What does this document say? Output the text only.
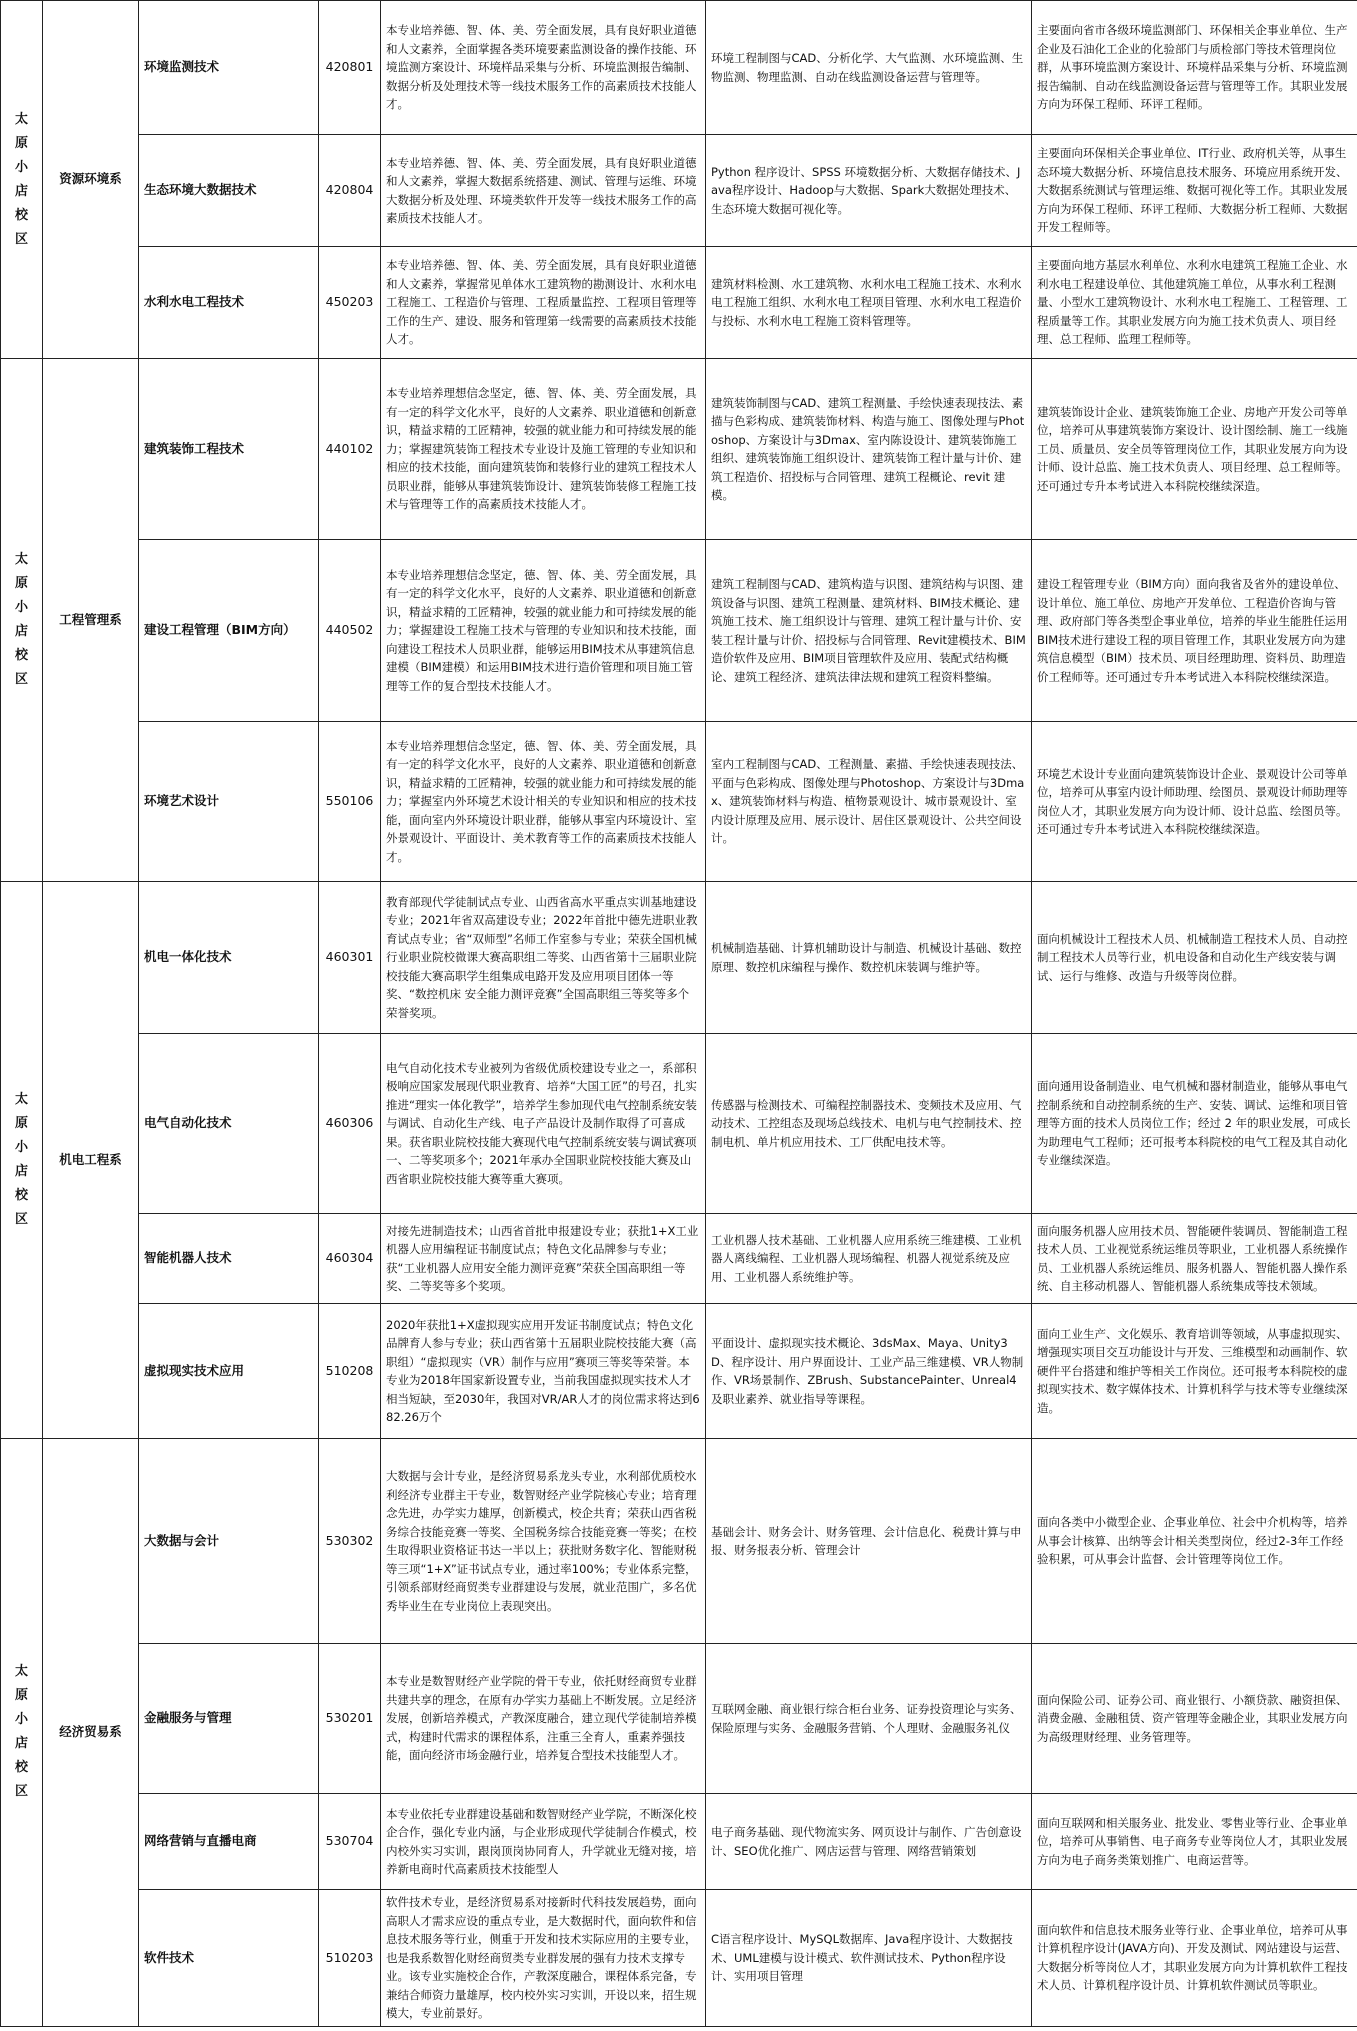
太原小店校区	资源环境系	环境监测技术	420801	本专业培养德、智、体、美、劳全面发展，具有良好职业道德和人文素养，全面掌握各类环境要素监测设备的操作技能、环境监测方案设计、环境样品采集与分析、环境监测报告编制、数据分析及处理技术等一线技术服务工作的高素质技术技能人才。	环境工程制图与CAD、分析化学、大气监测、水环境监测、生物监测、物理监测、自动在线监测设备运营与管理等。	主要面向省市各级环境监测部门、环保相关企事业单位、生产企业及石油化工企业的化验部门与质检部门等技术管理岗位群，从事环境监测方案设计、环境样品采集与分析、环境监测报告编制、自动在线监测设备运营与管理等工作。其职业发展方向为环保工程师、环评工程师。
		生态环境大数据技术	420804	本专业培养德、智、体、美、劳全面发展，具有良好职业道德和人文素养，掌握大数据系统搭建、测试、管理与运维、环境大数据分析及处理、环境类软件开发等一线技术服务工作的高素质技术技能人才。	Python 程序设计、SPSS 环境数据分析、大数据存储技术、Java程序设计、Hadoop与大数据、Spark大数据处理技术、生态环境大数据可视化等。	主要面向环保相关企事业单位、IT行业、政府机关等，从事生态环境大数据分析、环境信息技术服务、环境应用系统开发、大数据系统测试与管理运维、数据可视化等工作。其职业发展方向为环保工程师、环评工程师、大数据分析工程师、大数据开发工程师等。
		水利水电工程技术	450203	本专业培养德、智、体、美、劳全面发展，具有良好职业道德和人文素养，掌握常见单体水工建筑物的勘测设计、水利水电工程施工、工程造价与管理、工程质量监控、工程项目管理等工作的生产、建设、服务和管理第一线需要的高素质技术技能人才。	建筑材料检测、水工建筑物、水利水电工程施工技术、水利水电工程施工组织、水利水电工程项目管理、水利水电工程造价与投标、水利水电工程施工资料管理等。	主要面向地方基层水利单位、水利水电建筑工程施工企业、水利水电工程建设单位、其他建筑施工单位，从事水利工程测量、小型水工建筑物设计、水利水电工程施工、工程管理、工程质量等工作。其职业发展方向为施工技术负责人、项目经理、总工程师、监理工程师等。

太原小店校区	工程管理系	建筑装饰工程技术	440102	本专业培养理想信念坚定，德、智、体、美、劳全面发展，具有一定的科学文化水平，良好的人文素养、职业道德和创新意识，精益求精的工匠精神，较强的就业能力和可持续发展的能力；掌握建筑装饰工程技术专业设计及施工管理的专业知识和相应的技术技能，面向建筑装饰和装修行业的建筑工程技术人员职业群，能够从事建筑装饰设计、建筑装饰装修工程施工技术与管理等工作的高素质技术技能人才。	建筑装饰制图与CAD、建筑工程测量、手绘快速表现技法、素描与色彩构成、建筑装饰材料、构造与施工、图像处理与Photoshop、方案设计与3Dmax、室内陈设设计、建筑装饰施工组织、建筑装饰施工组织设计、建筑装饰工程计量与计价、建筑工程造价、招投标与合同管理、建筑工程概论、revit 建模。	建筑装饰设计企业、建筑装饰施工企业、房地产开发公司等单位，培养可从事建筑装饰方案设计、设计图绘制、施工一线施工员、质量员、安全员等管理岗位工作，其职业发展方向为设计师、设计总监、施工技术负责人、项目经理、总工程师等。还可通过专升本考试进入本科院校继续深造。
		建设工程管理（BIM方向）	440502	本专业培养理想信念坚定，德、智、体、美、劳全面发展，具有一定的科学文化水平，良好的人文素养、职业道德和创新意识，精益求精的工匠精神，较强的就业能力和可持续发展的能力；掌握建设工程施工技术与管理的专业知识和技术技能，面向建设工程技术人员职业群，能够运用BIM技术从事建筑信息建模（BIM建模）和运用BIM技术进行造价管理和项目施工管理等工作的复合型技术技能人才。	建筑工程制图与CAD、建筑构造与识图、建筑结构与识图、建筑设备与识图、建筑工程测量、建筑材料、BIM技术概论、建筑施工技术、施工组织设计与管理、建筑工程计量与计价、安装工程计量与计价、招投标与合同管理、Revit建模技术、BIM造价软件及应用、BIM项目管理软件及应用、装配式结构概论、建筑工程经济、建筑法律法规和建筑工程资料整编。	建设工程管理专业（BIM方向）面向我省及省外的建设单位、设计单位、施工单位、房地产开发单位、工程造价咨询与管理、政府部门等各类型企事业单位，培养的毕业生能胜任运用BIM技术进行建设工程的项目管理工作，其职业发展方向为建筑信息模型（BIM）技术员、项目经理助理、资料员、助理造价工程师等。还可通过专升本考试进入本科院校继续深造。
		环境艺术设计	550106	本专业培养理想信念坚定，德、智、体、美、劳全面发展，具有一定的科学文化水平，良好的人文素养、职业道德和创新意识，精益求精的工匠精神，较强的就业能力和可持续发展的能力；掌握室内外环境艺术设计相关的专业知识和相应的技术技能，面向室内外环境设计职业群，能够从事室内环境设计、室外景观设计、平面设计、美术教育等工作的高素质技术技能人才。	室内工程制图与CAD、工程测量、素描、手绘快速表现技法、平面与色彩构成、图像处理与Photoshop、方案设计与3Dmax、建筑装饰材料与构造、植物景观设计、城市景观设计、室内设计原理及应用、展示设计、居住区景观设计、公共空间设计。	环境艺术设计专业面向建筑装饰设计企业、景观设计公司等单位，培养可从事室内设计师助理、绘图员、景观设计师助理等岗位人才，其职业发展方向为设计师、设计总监、绘图员等。还可通过专升本考试进入本科院校继续深造。

太原小店校区	机电工程系	机电一体化技术	460301	教育部现代学徒制试点专业、山西省高水平重点实训基地建设专业；2021年省双高建设专业；2022年首批中德先进职业教育试点专业；省“双师型”名师工作室参与专业；荣获全国机械行业职业院校微课大赛高职组二等奖、山西省第十三届职业院校技能大赛高职学生组集成电路开发及应用项目团体一等奖、“数控机床 安全能力测评竞赛”全国高职组三等奖等多个荣誉奖项。	机械制造基础、计算机辅助设计与制造、机械设计基础、数控原理、数控机床编程与操作、数控机床装调与维护等。	面向机械设计工程技术人员、机械制造工程技术人员、自动控制工程技术人员等行业，机电设备和自动化生产线安装与调试、运行与维修、改造与升级等岗位群。
		电气自动化技术	460306	电气自动化技术专业被列为省级优质校建设专业之一，系部积极响应国家发展现代职业教育、培养“大国工匠”的号召，扎实推进“理实一体化教学”，培养学生参加现代电气控制系统安装与调试、自动化生产线、电子产品设计及制作取得了可喜成果。获省职业院校技能大赛现代电气控制系统安装与调试赛项一、二等奖项多个；2021年承办全国职业院校技能大赛及山西省职业院校技能大赛等重大赛项。	传感器与检测技术、可编程控制器技术、变频技术及应用、气动技术、工控组态及现场总线技术、电机与电气控制技术、控制电机、单片机应用技术、工厂供配电技术等。	面向通用设备制造业、电气机械和器材制造业，能够从事电气控制系统和自动控制系统的生产、安装、调试、运维和项目管理等方面的技术人员岗位工作；经过 2 年的职业发展，可成长为助理电气工程师；还可报考本科院校的电气工程及其自动化专业继续深造。
		智能机器人技术	460304	对接先进制造技术；山西省首批申报建设专业；获批1+X工业机器人应用编程证书制度试点；特色文化品牌参与专业；获“工业机器人应用安全能力测评竞赛”荣获全国高职组一等奖、二等奖等多个奖项。	工业机器人技术基础、工业机器人应用系统三维建模、工业机器人离线编程、工业机器人现场编程、机器人视觉系统及应用、工业机器人系统维护等。	面向服务机器人应用技术员、智能硬件装调员、智能制造工程技术人员、工业视觉系统运维员等职业，工业机器人系统操作员、工业机器人系统运维员、服务机器人、智能机器人操作系统、自主移动机器人、智能机器人系统集成等技术领域。
		虚拟现实技术应用	510208	2020年获批1+X虚拟现实应用开发证书制度试点；特色文化品牌育人参与专业；获山西省第十五届职业院校技能大赛（高职组）“虚拟现实（VR）制作与应用”赛项三等奖等荣誉。本专业为2018年国家新设置专业，当前我国虚拟现实技术人才相当短缺，至2030年，我国对VR/AR人才的岗位需求将达到682.26万个	平面设计、虚拟现实技术概论、3dsMax、Maya、Unity3D、程序设计、用户界面设计、工业产品三维建模、VR人物制作、VR场景制作、ZBrush、SubstancePainter、Unreal4及职业素养、就业指导等课程。	面向工业生产、文化娱乐、教育培训等领域，从事虚拟现实、增强现实项目交互功能设计与开发、三维模型和动画制作、软硬件平台搭建和维护等相关工作岗位。还可报考本科院校的虚拟现实技术、数字媒体技术、计算机科学与技术等专业继续深造。

太原小店校区	经济贸易系	大数据与会计	530302	大数据与会计专业，是经济贸易系龙头专业，水利部优质校水利经济专业群主干专业，数智财经产业学院核心专业；培育理念先进，办学实力雄厚，创新模式，校企共育；荣获山西省税务综合技能竞赛一等奖、全国税务综合技能竞赛一等奖；在校生取得职业资格证书达一半以上；获批财务数字化、智能财税等三项“1+X”证书试点专业，通过率100%；专业体系完整，引领系部财经商贸类专业群建设与发展，就业范围广，多名优秀毕业生在专业岗位上表现突出。	基础会计、财务会计、财务管理、会计信息化、税费计算与申报、财务报表分析、管理会计	面向各类中小微型企业、企事业单位、社会中介机构等，培养从事会计核算、出纳等会计相关类型岗位，经过2-3年工作经验积累，可从事会计监督、会计管理等岗位工作。
		金融服务与管理	530201	本专业是数智财经产业学院的骨干专业，依托财经商贸专业群共建共享的理念，在原有办学实力基础上不断发展。立足经济发展，创新培养模式，产教深度融合，建立现代学徒制培养模式，构建时代需求的课程体系，注重三全育人，重素养强技能，面向经济市场金融行业，培养复合型技术技能型人才。	互联网金融、商业银行综合柜台业务、证券投资理论与实务、保险原理与实务、金融服务营销、个人理财、金融服务礼仪	面向保险公司、证券公司、商业银行、小额贷款、融资担保、消费金融、金融租赁、资产管理等金融企业，其职业发展方向为高级理财经理、业务管理等。
		网络营销与直播电商	530704	本专业依托专业群建设基础和数智财经产业学院，不断深化校企合作，强化专业内涵，与企业形成现代学徒制合作模式，校内校外实习实训，跟岗顶岗协同育人，升学就业无缝对接，培养新电商时代高素质技术技能型人	电子商务基础、现代物流实务、网页设计与制作、广告创意设计、SEO优化推广、网店运营与管理、网络营销策划	面向互联网和相关服务业、批发业、零售业等行业、企事业单位，培养可从事销售、电子商务专业等岗位人才，其职业发展方向为电子商务类策划推广、电商运营等。
		软件技术	510203	软件技术专业，是经济贸易系对接新时代科技发展趋势，面向高职人才需求应设的重点专业，是大数据时代，面向软件和信息技术服务等行业，侧重于开发和技术实际应用的主要专业，也是我系数智化财经商贸类专业群发展的强有力技术支撑专业。该专业实施校企合作，产教深度融合，课程体系完备，专兼结合师资力量雄厚，校内校外实习实训，开设以来，招生规模大，专业前景好。	C语言程序设计、MySQL数据库、Java程序设计、大数据技术、UML建模与设计模式、软件测试技术、Python程序设计、实用项目管理	面向软件和信息技术服务业等行业、企事业单位，培养可从事计算机程序设计(JAVA方向)、开发及测试、网站建设与运营、大数据分析等岗位人才，其职业发展方向为计算机软件工程技术人员、计算机程序设计员、计算机软件测试员等职业。
